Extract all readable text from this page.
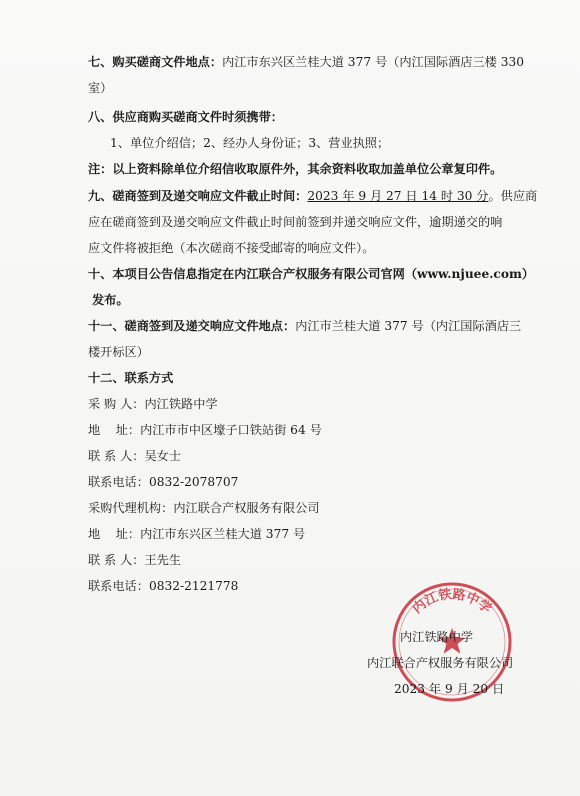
七、购买磋商文件地点：内江市东兴区兰桂大道 377 号（内江国际酒店三楼 330
室）
八、供应商购买磋商文件时须携带：
1、单位介绍信；2、经办人身份证；3、营业执照；
注：以上资料除单位介绍信收取原件外，其余资料收取加盖单位公章复印件。
九、磋商签到及递交响应文件截止时间：2023 年 9 月 27 日 14 时 30 分。供应商
应在磋商签到及递交响应文件截止时间前签到并递交响应文件，逾期递交的响
应文件将被拒绝（本次磋商不接受邮寄的响应文件）。
十、本项目公告信息指定在内江联合产权服务有限公司官网（www.njuee.com）
发布。
十一、磋商签到及递交响应文件地点：内江市兰桂大道 377 号（内江国际酒店三
楼开标区）
十二、联系方式
采 购 人：内江铁路中学
地    址：内江市市中区壕子口铁站街 64 号
联 系 人：吴女士
联系电话：0832-2078707
采购代理机构：内江联合产权服务有限公司
地    址：内江市东兴区兰桂大道 377 号
联 系 人：王先生
联系电话：0832-2121778
内江铁路中学
内江铁路中学
内江联合产权服务有限公司
2023 年 9 月 20 日
